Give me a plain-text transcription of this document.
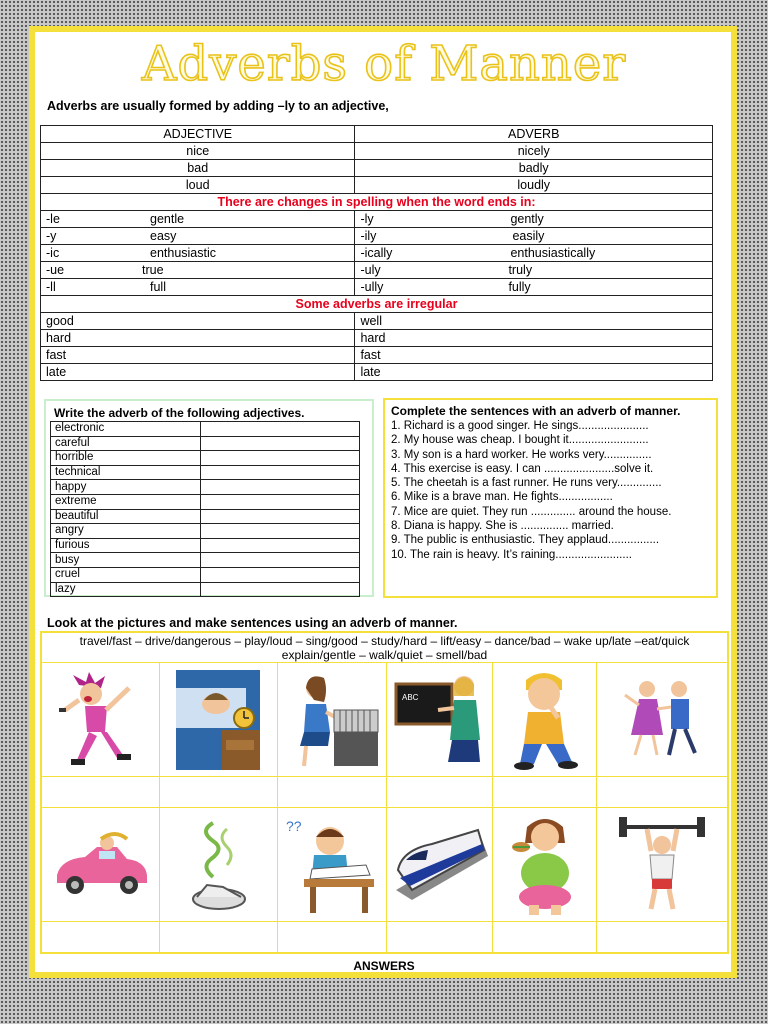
Adverbs of Manner
Adverbs are usually formed by adding –ly to an adjective,
ADJECTIVE	ADVERB
nice	nicely
bad	badly
loud	loudly
There are changes in spelling when the word ends in:	
-le gentle	-ly gently
-y easy	-ily easily
-ic enthusiastic	-ically enthusiastically
-ue true	-uly truly
-ll full	-ully fully
Some adverbs are irregular	
good	well
hard	hard
fast	fast
late	late
Write the adverb of the following adjectives.
electronic	
careful	
horrible	
technical	
happy	
extreme	
beautiful	
angry	
furious	
busy	
cruel	
lazy	
Complete the sentences with an adverb of manner.
1. Richard is a good singer. He sings......................
2. My house was cheap. I bought it.........................
3. My son is a hard worker. He works very...............
4. This exercise is easy. I can ......................solve it.
5. The cheetah is a fast runner. He runs very..............
6. Mike is a brave man. He fights.................
7. Mice are quiet. They run .............. around the house.
8. Diana is happy. She is ............... married.
9. The public is enthusiastic. They applaud................
10. The rain is heavy. It’s raining........................
Look at the pictures and make sentences using an adverb of manner.
travel/fast – drive/dangerous – play/loud – sing/good – study/hard – lift/easy – dance/bad – wake up/late –eat/quick
explain/gentle – walk/quiet – smell/bad					

ABC

??

ANSWERS
